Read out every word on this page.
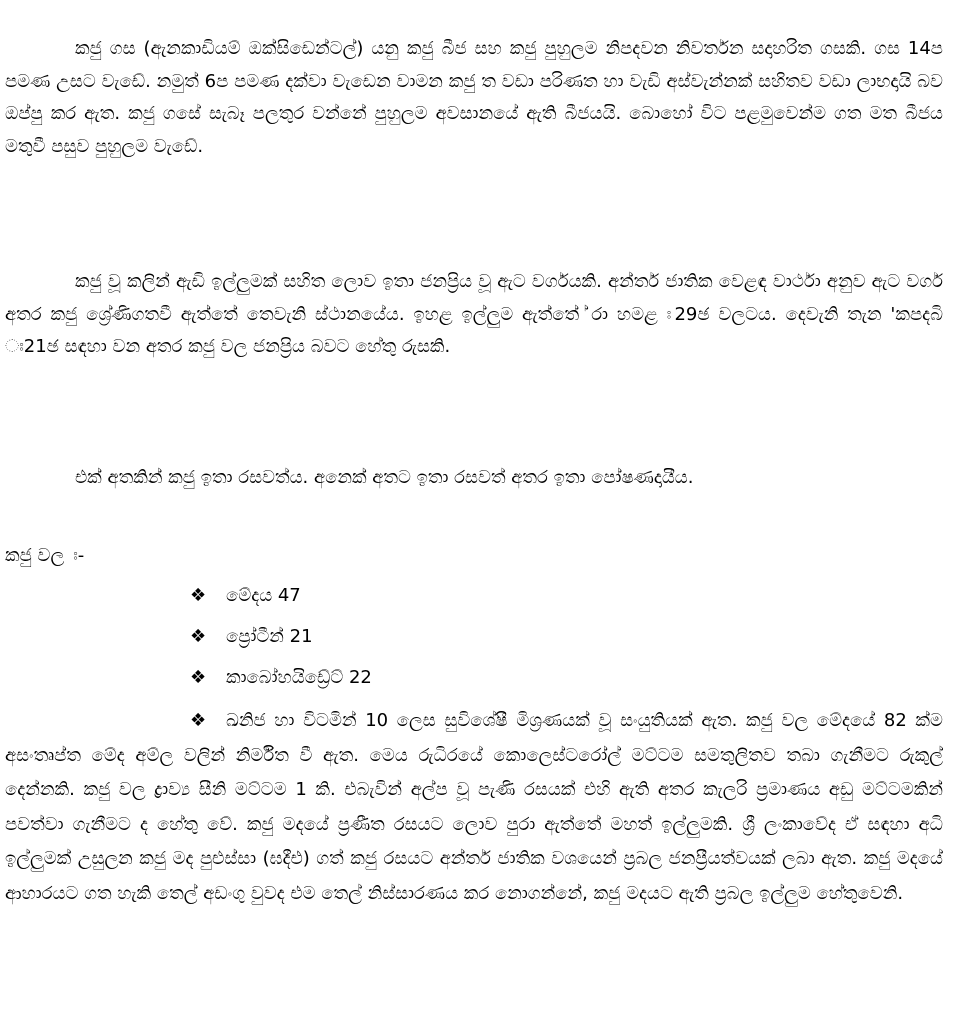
කජු ගස (ඇනකාඩියම් ඔක්සිඩෙන්ටල්) යනු කජු බීජ සහ කජු පුහුලම නිපදවන නිවර්තන සදාහරිත ගසකි. ගස 14ප පමණ උසට වැඩේ. නමුත් 6ප පමණ දක්වා වැඩෙන වාමන කජු ත වඩා පරිණත හා වැඩි අස්වැන්නක් සහිතව වඩා ලාභදායි බව ඔප්පු කර ඇත. කජු ගසේ සැබෑ පලතුර වන්නේ පුහුලම අවසානයේ ඇති බීජයයි. බොහෝ විට පළමුවෙන්ම ගත මත බීජය මතුවී පසුව පුහුලම වැඩේ.

කජු වූ කලින් ඇඩි ඉල්ලුමක් සහිත ලොව ඉතා ජනප්‍රිය වූ ඇට වර්ගයකි. අන්තර් ජාතික වෙළඳ වාර්ථා අනුව ඇට වර්ග අතර කජු ශ්‍රේණිගතවී ඇත්තේ තෙවැනි ස්ථානයේය. ඉහළ ඉල්ලුම ඇත්තේ ්රා හමළ ඃ29ඡ වලටය. දෙවැනි තැන 'කපදබි ඃ21ඡ සඳහා වන අතර කජු වල ජනප්‍රිය බවට හේතු රුසකි.

එක් අතකින් කජු ඉතා රසවත්ය. අනෙක් අතට ඉතා රසවත් අතර ඉතා පෝෂණදායීය.

කජු වල ඃ-
❖ මේදය 47
❖ ප්‍රෝටීන් 21
❖ කාබෝහයිඩ්‍රේට් 22

❖ ඛනිජ හා විටමින් 10 ලෙස සුවිශේෂී මිශ්‍රණයක් වූ සංයුතියක් ඇත. කජු වල මේදයේ 82 ක්ම අසංතෘප්ත මේද අම්ල වලින් නිර්මිත වී ඇත. මෙය රුධිරයේ කොලෙස්ටරෝල් මට්ටම සමතුලිතව තබා ගැනීමට රුකුල් දෙන්නකි. කජු වල ද්‍රාව්‍ය සීනි මට්ටම 1 කි. එබැවින් අල්ප වූ පැණි රසයක් එහි ඇති අතර කැලරි ප්‍රමාණය අඩු මට්ටමකින් පවත්වා ගැනීමට ද හේතු වේ. කජු මදයේ ප්‍රණීත රසයට ලොව පුරා ඇත්තේ මහත් ඉල්ලුමකි. ශ්‍රී ලංකාවේද ඒ සඳහා අධි ඉල්ලුමක් උසුලන කජු මද පුළුස්සා (ඝදීඑ) ගත් කජු රසයට අන්තර් ජාතික වශයෙන් ප්‍රබල ජනප්‍රීයත්වයක් ලබා ඇත. කජු මදයේ ආහාරයට ගත හැකි තෙල් අඩංගු වුවද එම තෙල් නිස්සාරණය කර නොගන්නේ, කජු මදයට ඇති ප්‍රබල ඉල්ලුම හේතුවෙනි.
